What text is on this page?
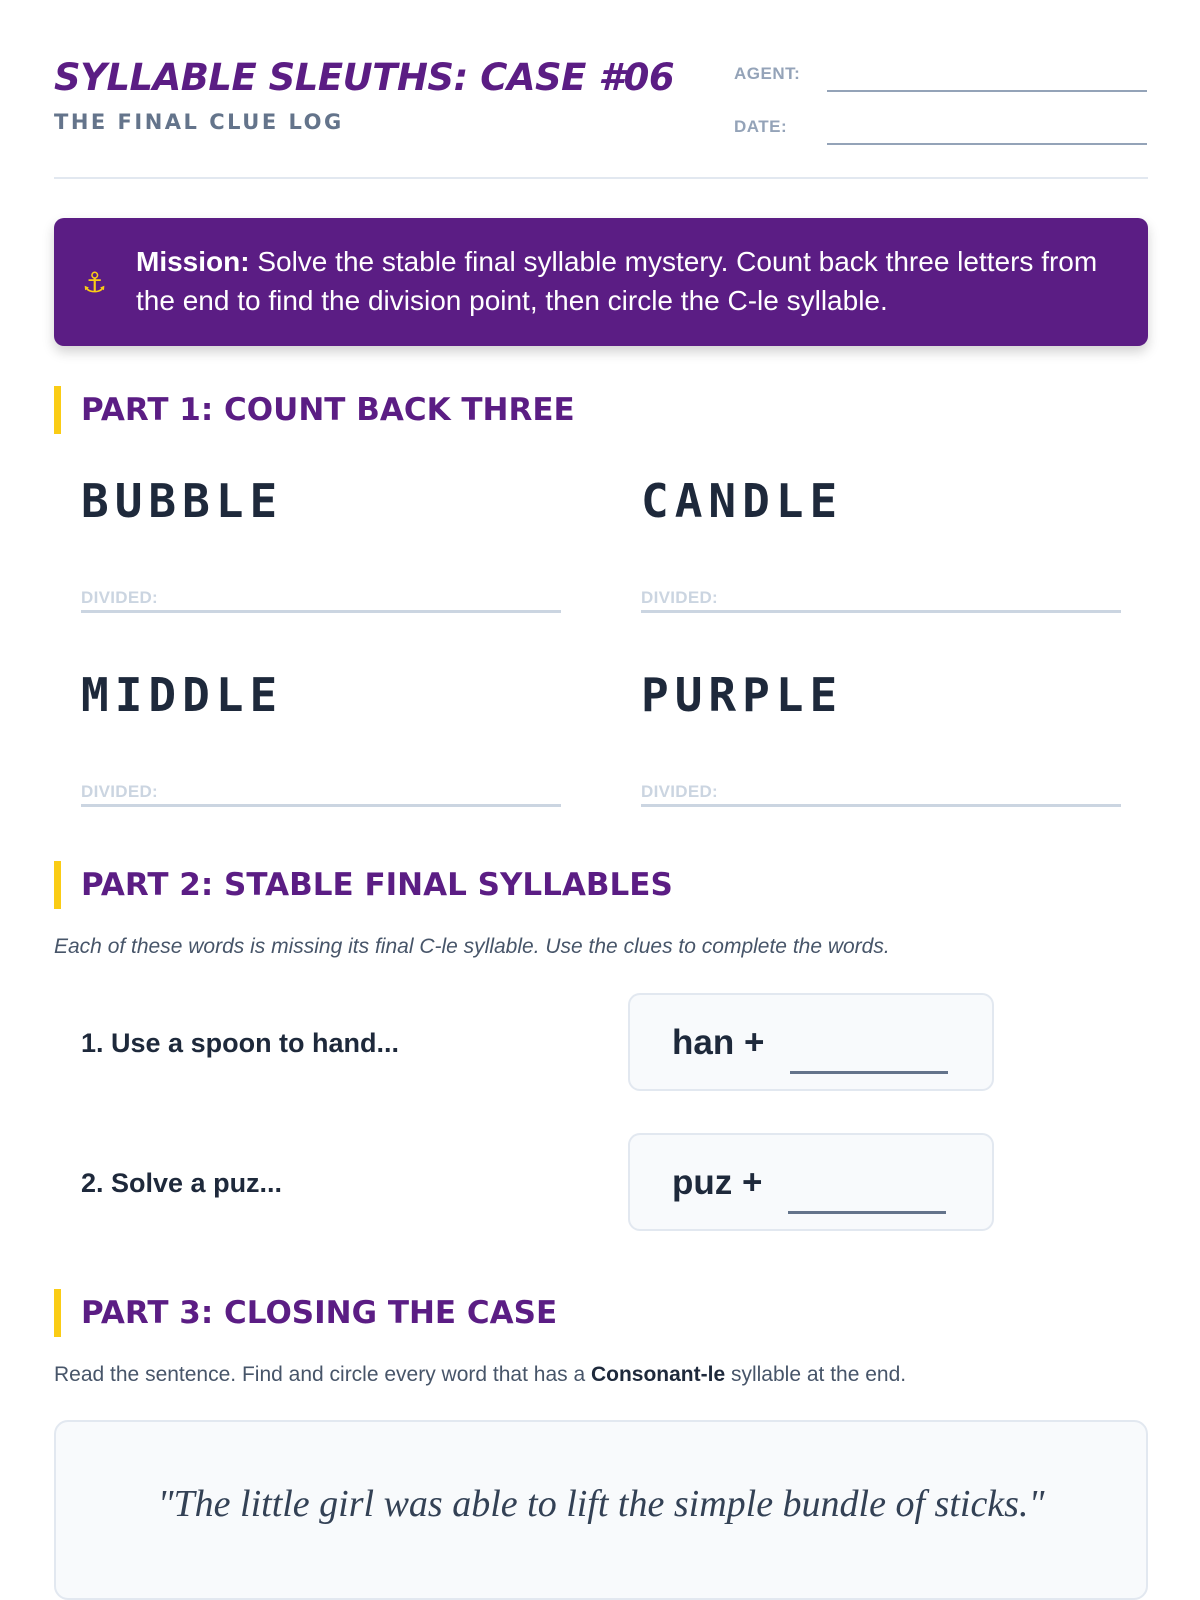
SYLLABLE SLEUTHS: CASE #06
THE FINAL CLUE LOG
AGENT:
DATE:
⚓
Mission: Solve the stable final syllable mystery. Count back three letters from the end to find the division point, then circle the C-le syllable.
PART 1: COUNT BACK THREE
BUBBLE
DIVIDED:
CANDLE
DIVIDED:
MIDDLE
DIVIDED:
PURPLE
DIVIDED:
PART 2: STABLE FINAL SYLLABLES
Each of these words is missing its final C-le syllable. Use the clues to complete the words.
1. Use a spoon to hand...	han +
2. Solve a puz...	puz +
PART 3: CLOSING THE CASE
Read the sentence. Find and circle every word that has a Consonant-le syllable at the end.
"The little girl was able to lift the simple bundle of sticks."
